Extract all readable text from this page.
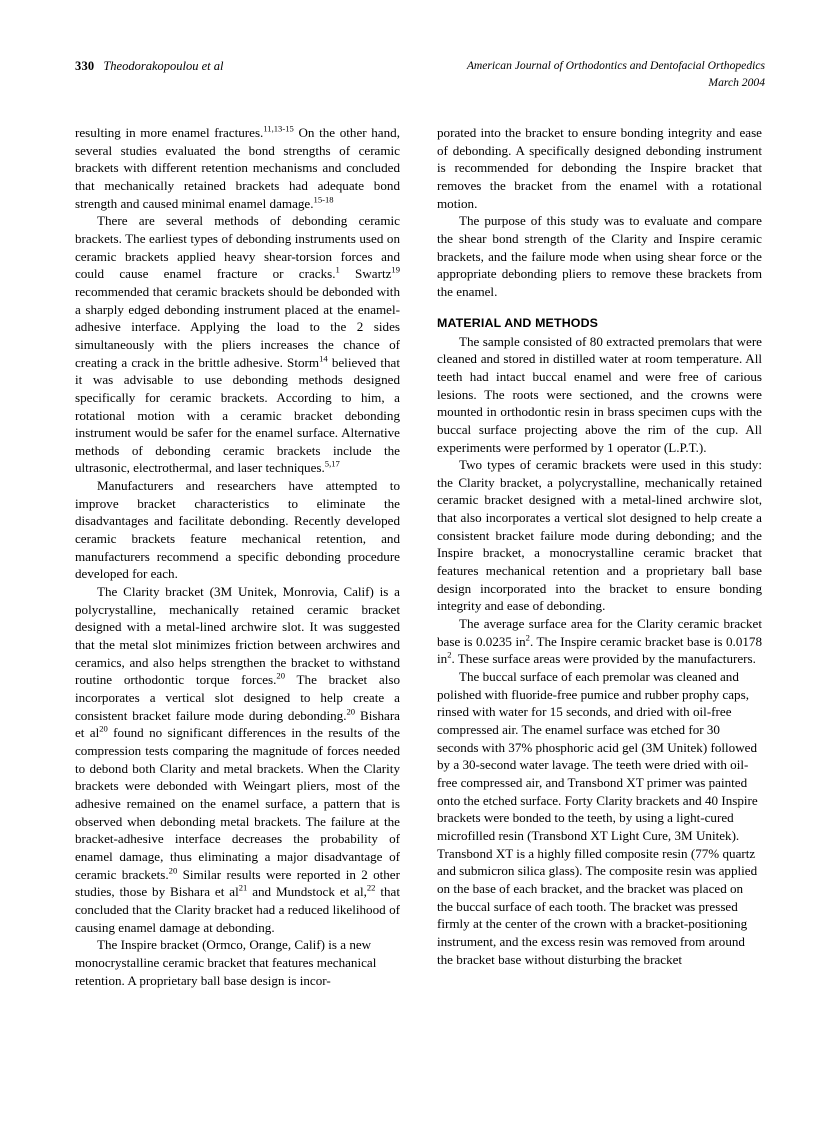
330 Theodorakopoulou et al	American Journal of Orthodontics and Dentofacial Orthopedics
March 2004

resulting in more enamel fractures.$^{11,13-15}$ On the other hand, several studies evaluated the bond strengths of ceramic brackets with different retention mechanisms and concluded that mechanically retained brackets had adequate bond strength and caused minimal enamel damage.$^{15-18}$

There are several methods of debonding ceramic brackets. The earliest types of debonding instruments used on ceramic brackets applied heavy shear-torsion forces and could cause enamel fracture or cracks.$^1$ Swartz$^{19}$ recommended that ceramic brackets should be debonded with a sharply edged debonding instrument placed at the enamel-adhesive interface. Applying the load to the 2 sides simultaneously with the pliers increases the chance of creating a crack in the brittle adhesive. Storm$^{14}$ believed that it was advisable to use debonding methods designed specifically for ceramic brackets. According to him, a rotational motion with a ceramic bracket debonding instrument would be safer for the enamel surface. Alternative methods of debonding ceramic brackets include the ultrasonic, electrothermal, and laser techniques.$^{5,17}$

Manufacturers and researchers have attempted to improve bracket characteristics to eliminate the disadvantages and facilitate debonding. Recently developed ceramic brackets feature mechanical retention, and manufacturers recommend a specific debonding procedure developed for each.

The Clarity bracket (3M Unitek, Monrovia, Calif) is a polycrystalline, mechanically retained ceramic bracket designed with a metal-lined archwire slot. It was suggested that the metal slot minimizes friction between archwires and ceramics, and also helps strengthen the bracket to withstand routine orthodontic torque forces.$^{20}$ The bracket also incorporates a vertical slot designed to help create a consistent bracket failure mode during debonding.$^{20}$ Bishara et $al^{20}$ found no significant differences in the results of the compression tests comparing the magnitude of forces needed to debond both Clarity and metal brackets. When the Clarity brackets were debonded with Weingart pliers, most of the adhesive remained on the enamel surface, a pattern that is observed when debonding metal brackets. The failure at the bracket-adhesive interface decreases the probability of enamel damage, thus eliminating a major disadvantage of ceramic brackets.$^{20}$ Similar results were reported in 2 other studies, those by Bishara et $al^{21}$ and Mundstock et al,$^{22}$ that concluded that the Clarity bracket had a reduced likelihood of causing enamel damage at debonding.

The Inspire bracket (Ormco, Orange, Calif) is a new monocrystalline ceramic bracket that features mechanical retention. A proprietary ball base design is incor-

porated into the bracket to ensure bonding integrity and ease of debonding. A specifically designed debonding instrument is recommended for debonding the Inspire bracket that removes the bracket from the enamel with a rotational motion.

The purpose of this study was to evaluate and compare the shear bond strength of the Clarity and Inspire ceramic brackets, and the failure mode when using shear force or the appropriate debonding pliers to remove these brackets from the enamel.

MATERIAL AND METHODS

The sample consisted of 80 extracted premolars that were cleaned and stored in distilled water at room temperature. All teeth had intact buccal enamel and were free of carious lesions. The roots were sectioned, and the crowns were mounted in orthodontic resin in brass specimen cups with the buccal surface projecting above the rim of the cup. All experiments were performed by 1 operator (L.P.T.).

Two types of ceramic brackets were used in this study: the Clarity bracket, a polycrystalline, mechanically retained ceramic bracket designed with a metal-lined archwire slot, that also incorporates a vertical slot designed to help create a consistent bracket failure mode during debonding; and the Inspire bracket, a monocrystalline ceramic bracket that features mechanical retention and a proprietary ball base design incorporated into the bracket to ensure bonding integrity and ease of debonding.

The average surface area for the Clarity ceramic bracket base is 0.0235 $in^2$. The Inspire ceramic bracket base is 0.0178 $in^2$. These surface areas were provided by the manufacturers.

The buccal surface of each premolar was cleaned and polished with fluoride-free pumice and rubber prophy caps, rinsed with water for 15 seconds, and dried with oil-free compressed air. The enamel surface was etched for 30 seconds with 37% phosphoric acid gel (3M Unitek) followed by a 30-second water lavage. The teeth were dried with oil-free compressed air, and Transbond XT primer was painted onto the etched surface. Forty Clarity brackets and 40 Inspire brackets were bonded to the teeth, by using a light-cured microfilled resin (Transbond XT Light Cure, 3M Unitek). Transbond XT is a highly filled composite resin (77% quartz and submicron silica glass). The composite resin was applied on the base of each bracket, and the bracket was placed on the buccal surface of each tooth. The bracket was pressed firmly at the center of the crown with a bracket-positioning instrument, and the excess resin was removed from around the bracket base without disturbing the bracket
